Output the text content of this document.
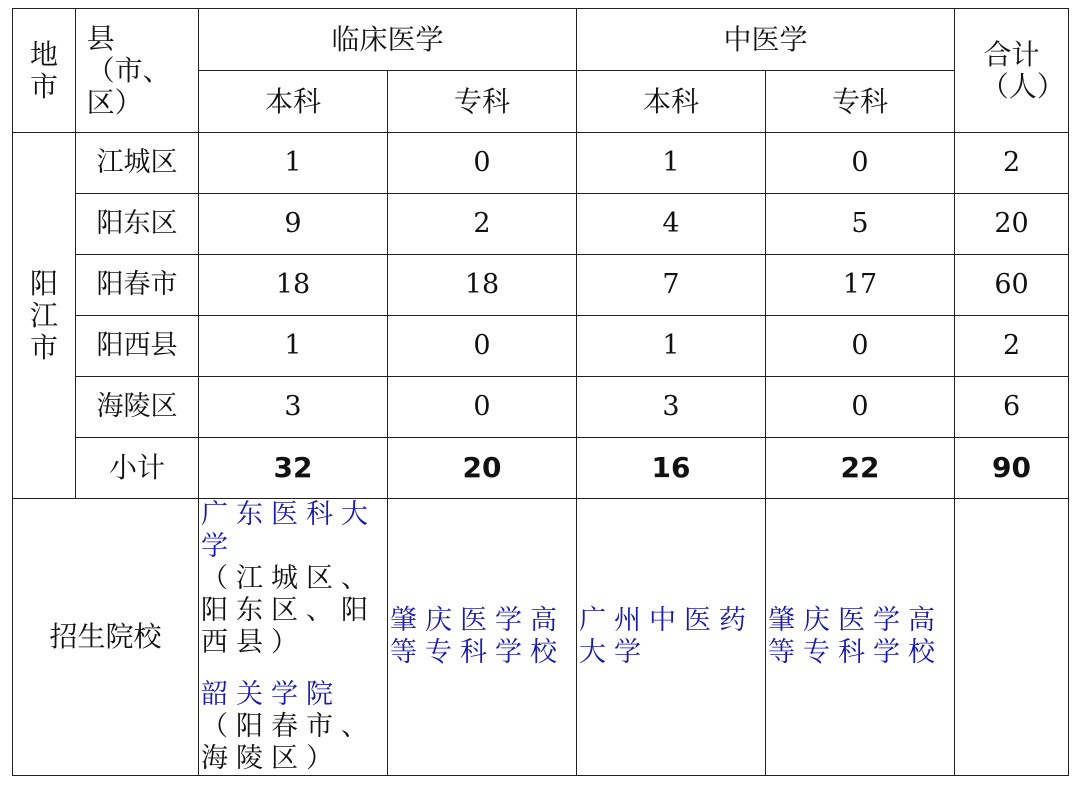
地市	县（市、区）	临床医学		中医学		合计（人）

		本科	专科	本科	专科	

阳江市	江城区	1	0	1	0	2
	阳东区	9	2	4	5	20
	阳春市	18	18	7	17	60
	阳西县	1	0	1	0	2
	海陵区	3	0	3	0	6
	小计	32	20	16	22	90
招生院校		广东医科大学
（江城区、阳东区、阳西县）
韶关学院
（阳春市、海陵区）	肇庆医学高等专科学校	广州中医药大学	肇庆医学高等专科学校	
